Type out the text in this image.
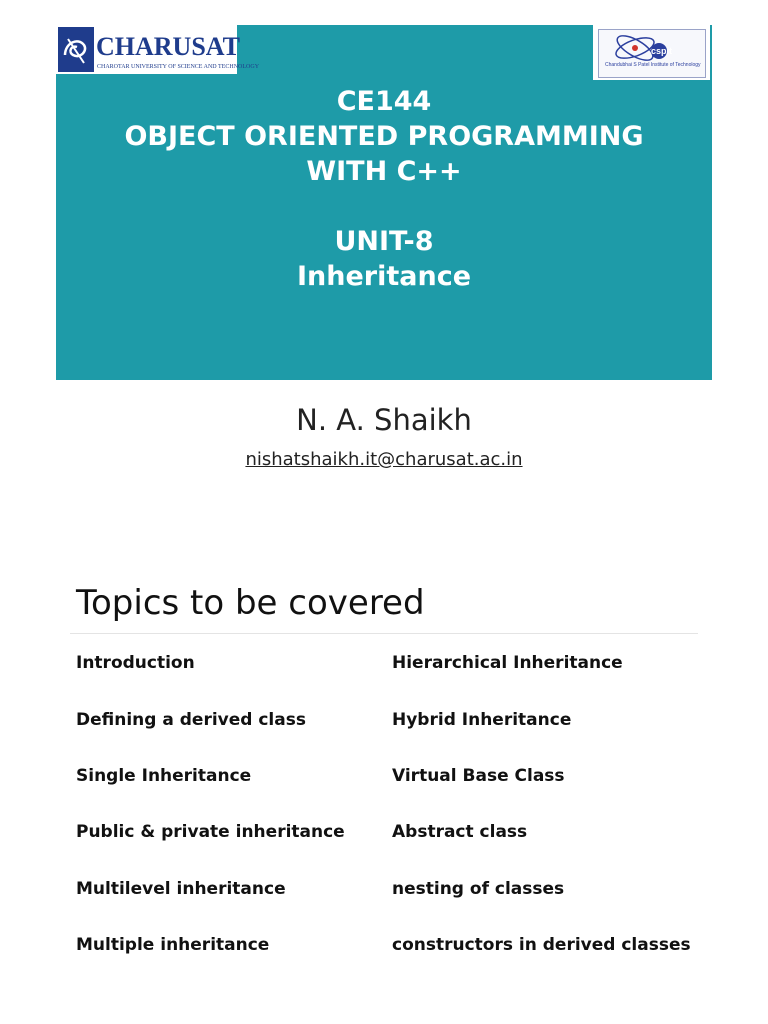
CHARUSAT
CHAROTAR UNIVERSITY OF SCIENCE AND TECHNOLOGY
cspit
Chandubhai S Patel Institute of Technology
CE144
OBJECT ORIENTED PROGRAMMING
WITH C++
UNIT-8
Inheritance
N. A. Shaikh
nishatshaikh.it@charusat.ac.in
Topics to be covered
Introduction
Defining a derived class
Single Inheritance
Public & private inheritance
Multilevel inheritance
Multiple inheritance
Hierarchical Inheritance
Hybrid Inheritance
Virtual Base Class
Abstract class
nesting of classes
constructors in derived classes
